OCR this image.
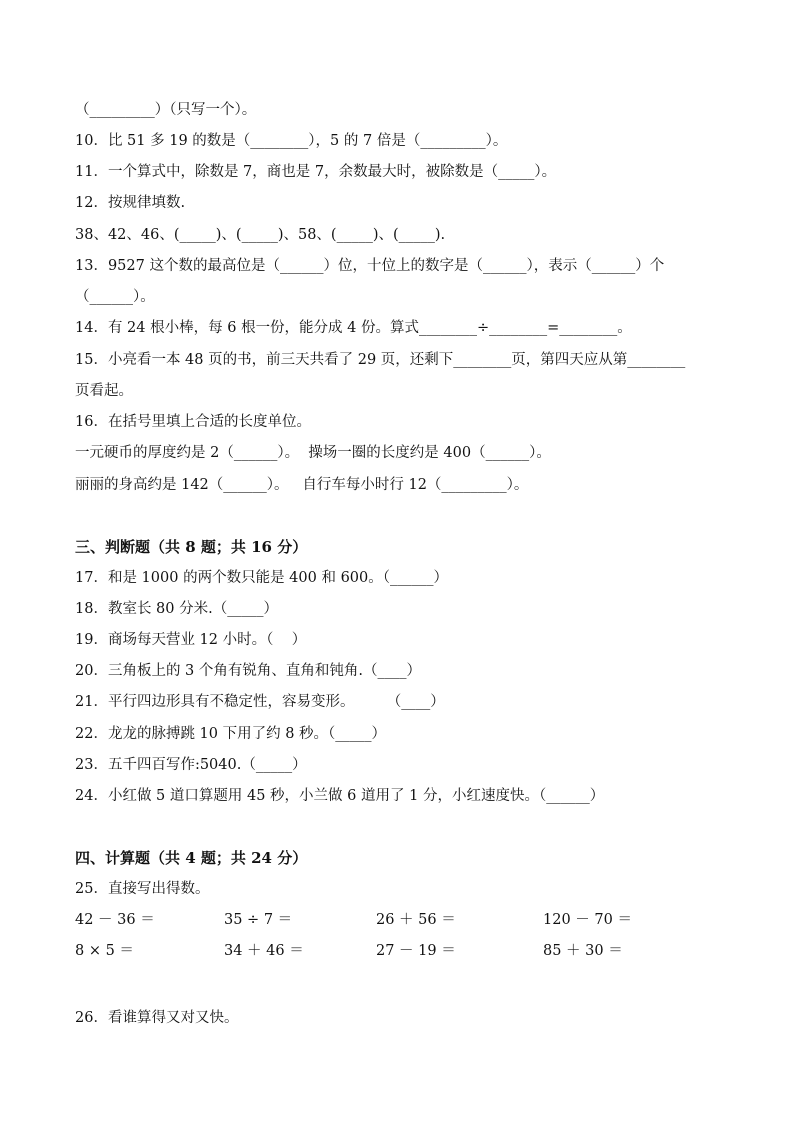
（_________）（只写一个）。
10．比 51 多 19 的数是（________），5 的 7 倍是（_________）。
11．一个算式中，除数是 7，商也是 7，余数最大时，被除数是（_____）。
12．按规律填数.
38、42、46、(_____)、(_____)、58、(_____)、(_____).
13．9527 这个数的最高位是（______）位，十位上的数字是（______），表示（______）个
（______）。
14．有 24 根小棒，每 6 根一份，能分成 4 份。算式________÷________=________。
15．小亮看一本 48 页的书，前三天共看了 29 页，还剩下________页，第四天应从第________
页看起。
16．在括号里填上合适的长度单位。
一元硬币的厚度约是 2（______）。  操场一圈的长度约是 400（______）。
丽丽的身高约是 142（______）。   自行车每小时行 12（_________）。
三、判断题（共 8 题；共 16 分）
17．和是 1000 的两个数只能是 400 和 600。（______）
18．教室长 80 分米.（_____）
19．商场每天营业 12 小时。（    ）
20．三角板上的 3 个角有锐角、直角和钝角.（____）
21．平行四边形具有不稳定性，容易变形。       （____）
22．龙龙的脉搏跳 10 下用了约 8 秒。（_____）
23．五千四百写作:5040.（_____）
24．小红做 5 道口算题用 45 秒，小兰做 6 道用了 1 分，小红速度快。（______）
四、计算题（共 4 题；共 24 分）
25．直接写出得数。
42 － 36 ＝	35 ÷ 7 ＝	26 ＋ 56 ＝	120 － 70 ＝
8 × 5 ＝	34 ＋ 46 ＝	27 － 19 ＝	85 ＋ 30 ＝
26．看谁算得又对又快。
